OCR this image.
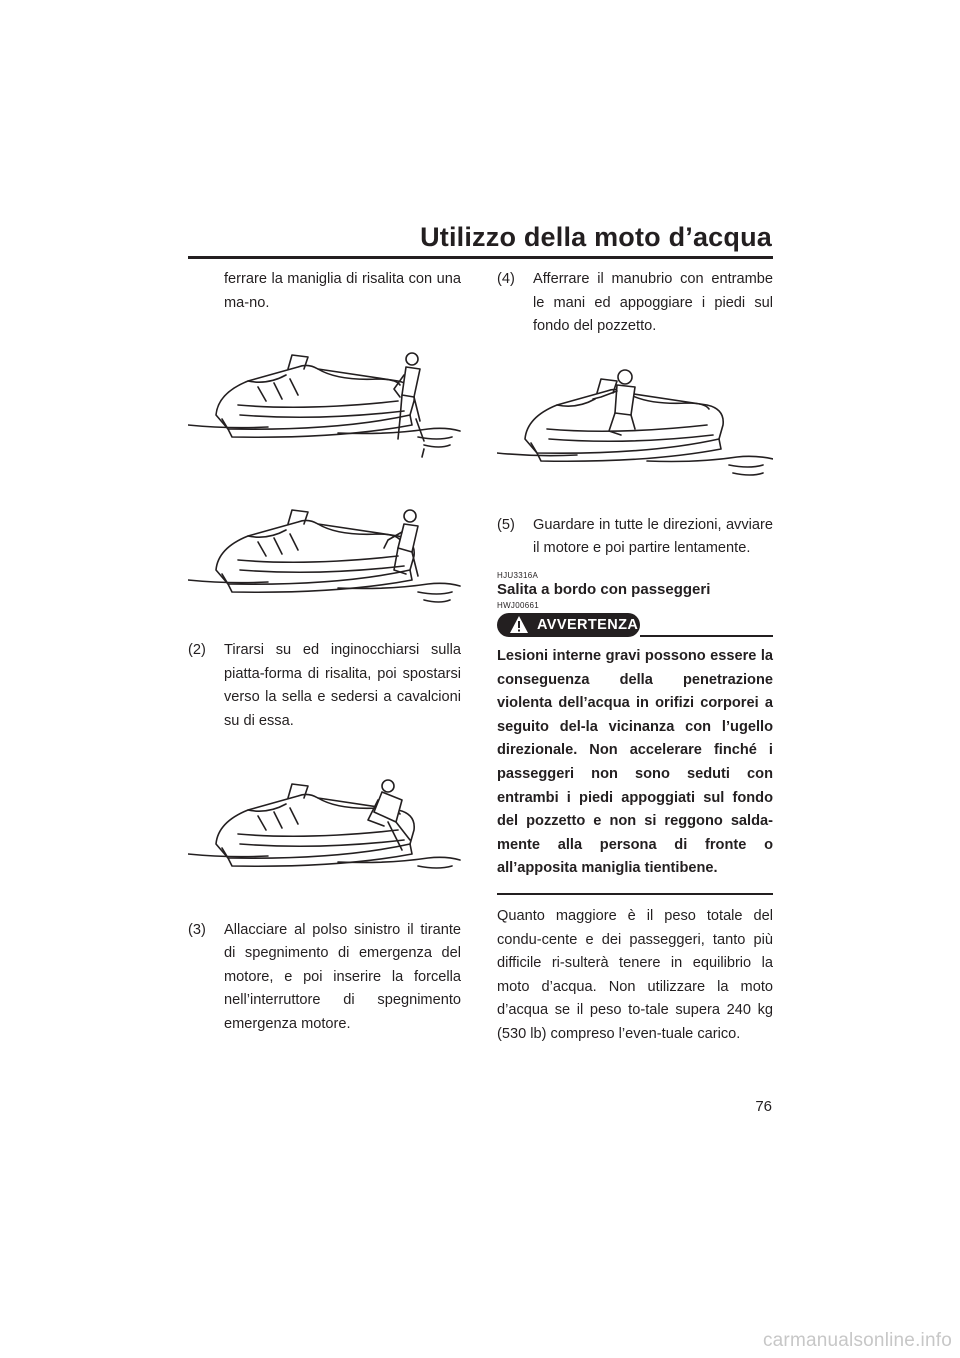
Utilizzo della moto d’acqua

ferrare la maniglia di risalita con una ma-no.

(2) Tirarsi su ed inginocchiarsi sulla piatta-forma di risalita, poi spostarsi verso la sella e sedersi a cavalcioni su di essa.

(3) Allacciare al polso sinistro il tirante di spegnimento di emergenza del motore, e poi inserire la forcella nell’interruttore di spegnimento emergenza motore.

(4) Afferrare il manubrio con entrambe le mani ed appoggiare i piedi sul fondo del pozzetto.

(5) Guardare in tutte le direzioni, avviare il motore e poi partire lentamente.

HJU3316A

Salita a bordo con passeggeri

HWJ00661

AVVERTENZA

Lesioni interne gravi possono essere la conseguenza della penetrazione violenta dell’acqua in orifizi corporei a seguito del-la vicinanza con l’ugello direzionale. Non accelerare finché i passeggeri non sono seduti con entrambi i piedi appoggiati sul fondo del pozzetto e non si reggono salda-mente alla persona di fronte o all’apposita maniglia tientibene.

Quanto maggiore è il peso totale del condu-cente e dei passeggeri, tanto più difficile ri-sulterà tenere in equilibrio la moto d’acqua. Non utilizzare la moto d’acqua se il peso to-tale supera 240 kg (530 lb) compreso l’even-tuale carico.

76
carmanualsonline.info
